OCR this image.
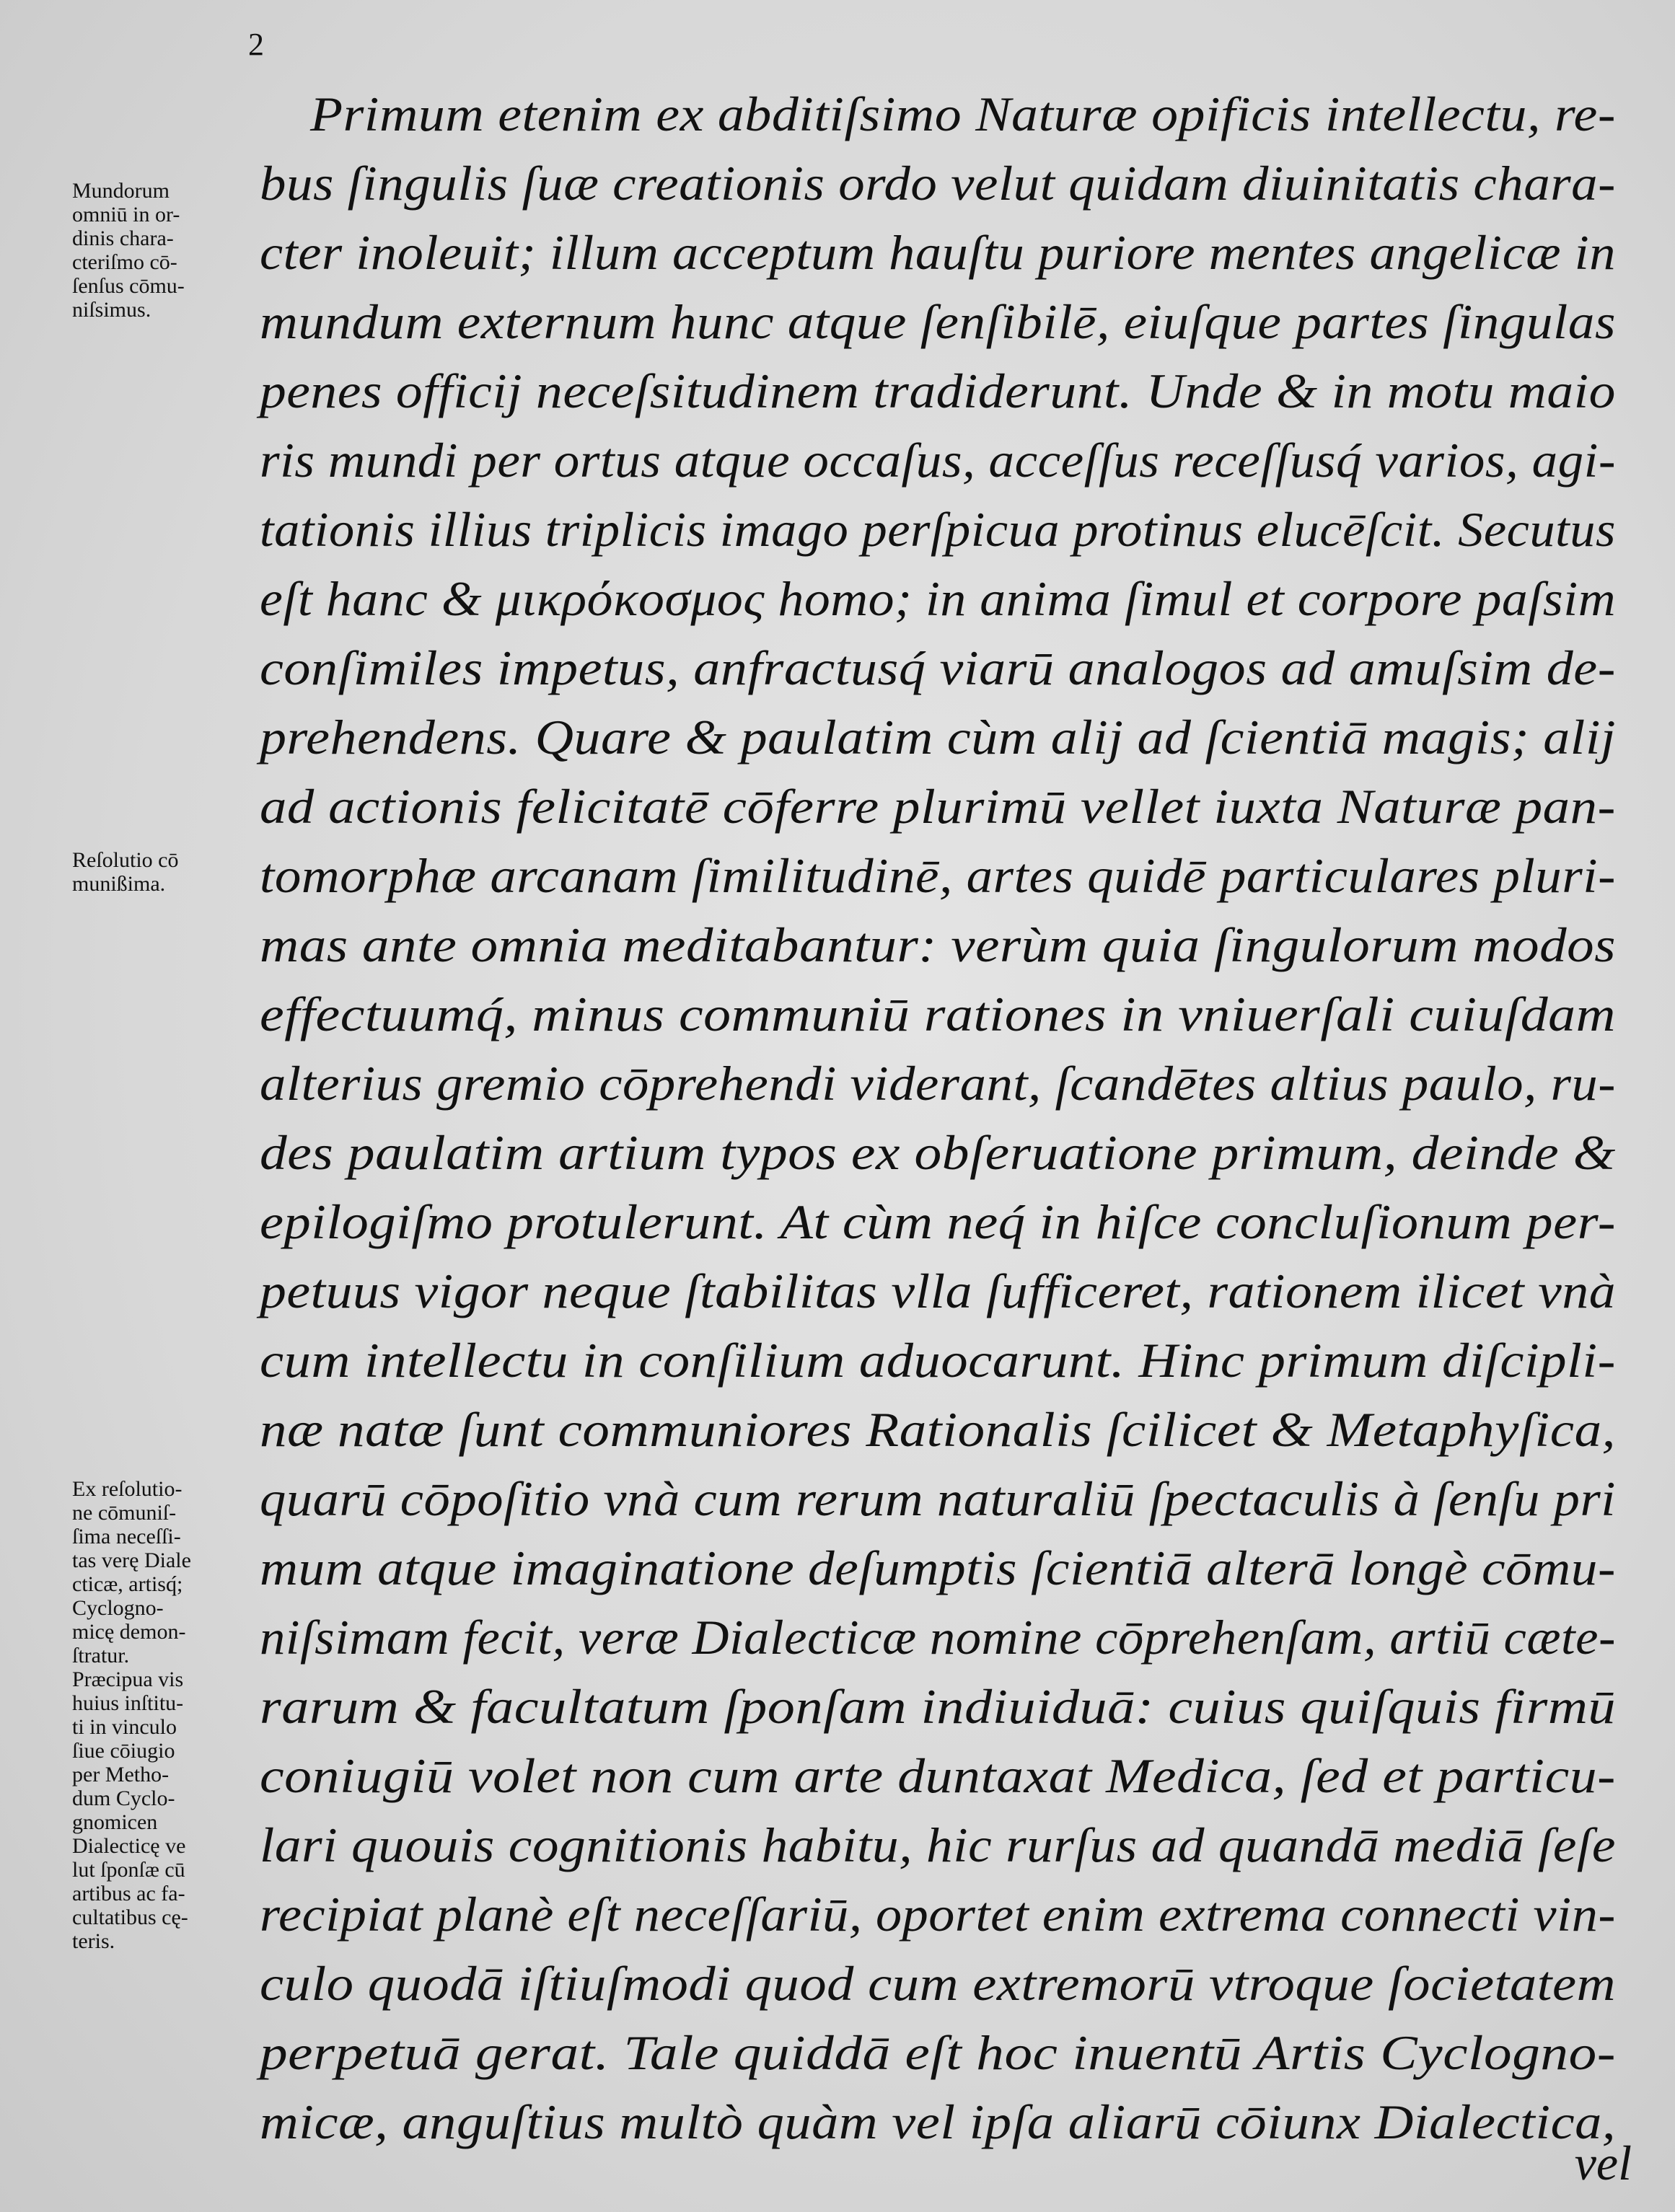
2
Primum etenim ex abditiſsimo Naturæ opificis intellectu, re-
bus ſingulis ſuæ creationis ordo velut quidam diuinitatis chara-
cter inoleuit; illum acceptum hauſtu puriore mentes angelicæ in
mundum externum hunc atque ſenſibilē, eiuſque partes ſingulas
penes officij neceſsitudinem tradiderunt. Unde & in motu maio
ris mundi per ortus atque occaſus, acceſſus receſſusq́ varios, agi-
tationis illius triplicis imago perſpicua protinus elucēſcit. Secutus
eſt hanc & μικρόκοσμος homo; in anima ſimul et corpore paſsim
conſimiles impetus, anfractusq́ viarū analogos ad amuſsim de-
prehendens. Quare & paulatim cùm alij ad ſcientiā magis; alij
ad actionis felicitatē cōferre plurimū vellet iuxta Naturæ pan-
tomorphæ arcanam ſimilitudinē, artes quidē particulares pluri-
mas ante omnia meditabantur: verùm quia ſingulorum modos
effectuumq́, minus communiū rationes in vniuerſali cuiuſdam
alterius gremio cōprehendi viderant, ſcandētes altius paulo, ru-
des paulatim artium typos ex obſeruatione primum, deinde &
epilogiſmo protulerunt. At cùm neq́ in hiſce concluſionum per-
petuus vigor neque ſtabilitas vlla ſufficeret, rationem ilicet vnà
cum intellectu in conſilium aduocarunt. Hinc primum diſcipli-
næ natæ ſunt communiores Rationalis ſcilicet & Metaphyſica,
quarū cōpoſitio vnà cum rerum naturaliū ſpectaculis à ſenſu pri
mum atque imaginatione deſumptis ſcientiā alterā longè cōmu-
niſsimam fecit, veræ Dialecticæ nomine cōprehenſam, artiū cæte-
rarum & facultatum ſponſam indiuiduā: cuius quiſquis firmū
coniugiū volet non cum arte duntaxat Medica, ſed et particu-
lari quouis cognitionis habitu, hic rurſus ad quandā mediā ſeſe
recipiat planè eſt neceſſariū, oportet enim extrema connecti vin-
culo quodā iſtiuſmodi quod cum extremorū vtroque ſocietatem
perpetuā gerat. Tale quiddā eſt hoc inuentū Artis Cyclogno-
micæ, anguſtius multò quàm vel ipſa aliarū cōiunx Dialectica,
vel
Mundorum
omniū in or-
dinis chara-
cteriſmo cō-
ſenſus cōmu-
niſsimus.
Reſolutio cō
munißima.
Ex reſolutio-
ne cōmuniſ-
ſima neceſſi-
tas verę Diale
cticæ, artisq́;
Cyclogno-
micę demon-
ſtratur.
Præcipua vis
huius inſtitu-
ti in vinculo
ſiue cōiugio
per Metho-
dum Cyclo-
gnomicen
Dialecticę ve
lut ſponſæ cū
artibus ac fa-
cultatibus cę-
teris.
